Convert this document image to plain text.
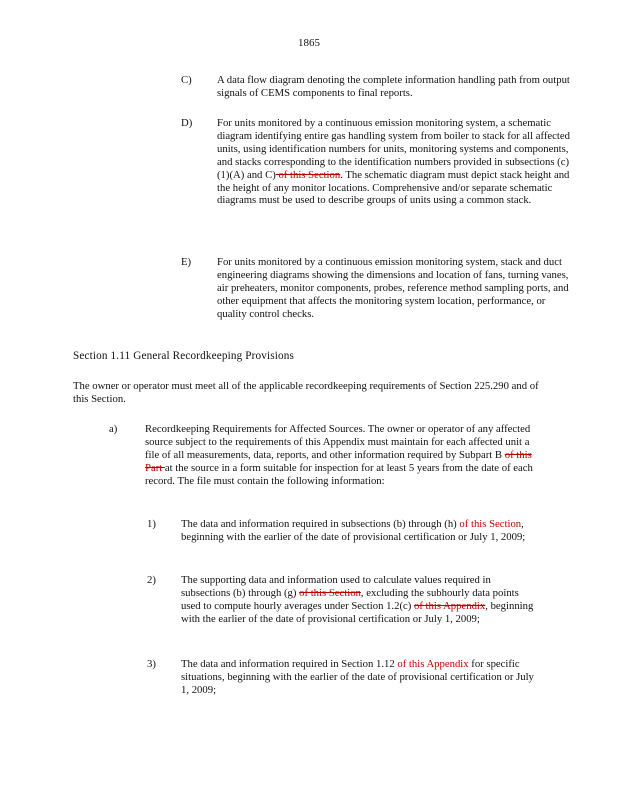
1865
C)	A data flow diagram denoting the complete information handling path from output signals of CEMS components to final reports.

D)	For units monitored by a continuous emission monitoring system, a schematic diagram identifying entire gas handling system from boiler to stack for all affected units, using identification numbers for units, monitoring systems and components, and stacks corresponding to the identification numbers provided in subsections (c)(1)(A) and C) of this Section. The schematic diagram must depict stack height and the height of any monitor locations. Comprehensive and/or separate schematic diagrams must be used to describe groups of units using a common stack.

E)	For units monitored by a continuous emission monitoring system, stack and duct engineering diagrams showing the dimensions and location of fans, turning vanes, air preheaters, monitor components, probes, reference method sampling ports, and other equipment that affects the monitoring system location, performance, or quality control checks.

Section 1.11 General Recordkeeping Provisions
The owner or operator must meet all of the applicable recordkeeping requirements of Section 225.290 and of this Section.
a)	Recordkeeping Requirements for Affected Sources. The owner or operator of any affected source subject to the requirements of this Appendix must maintain for each affected unit a file of all measurements, data, reports, and other information required by Subpart B of this Part at the source in a form suitable for inspection for at least 5 years from the date of each record. The file must contain the following information:

1)	The data and information required in subsections (b) through (h) of this Section, beginning with the earlier of the date of provisional certification or July 1, 2009;

2)	The supporting data and information used to calculate values required in subsections (b) through (g) of this Section, excluding the subhourly data points used to compute hourly averages under Section 1.2(c) of this Appendix, beginning with the earlier of the date of provisional certification or July 1, 2009;

3)	The data and information required in Section 1.12 of this Appendix for specific situations, beginning with the earlier of the date of provisional certification or July 1, 2009;
